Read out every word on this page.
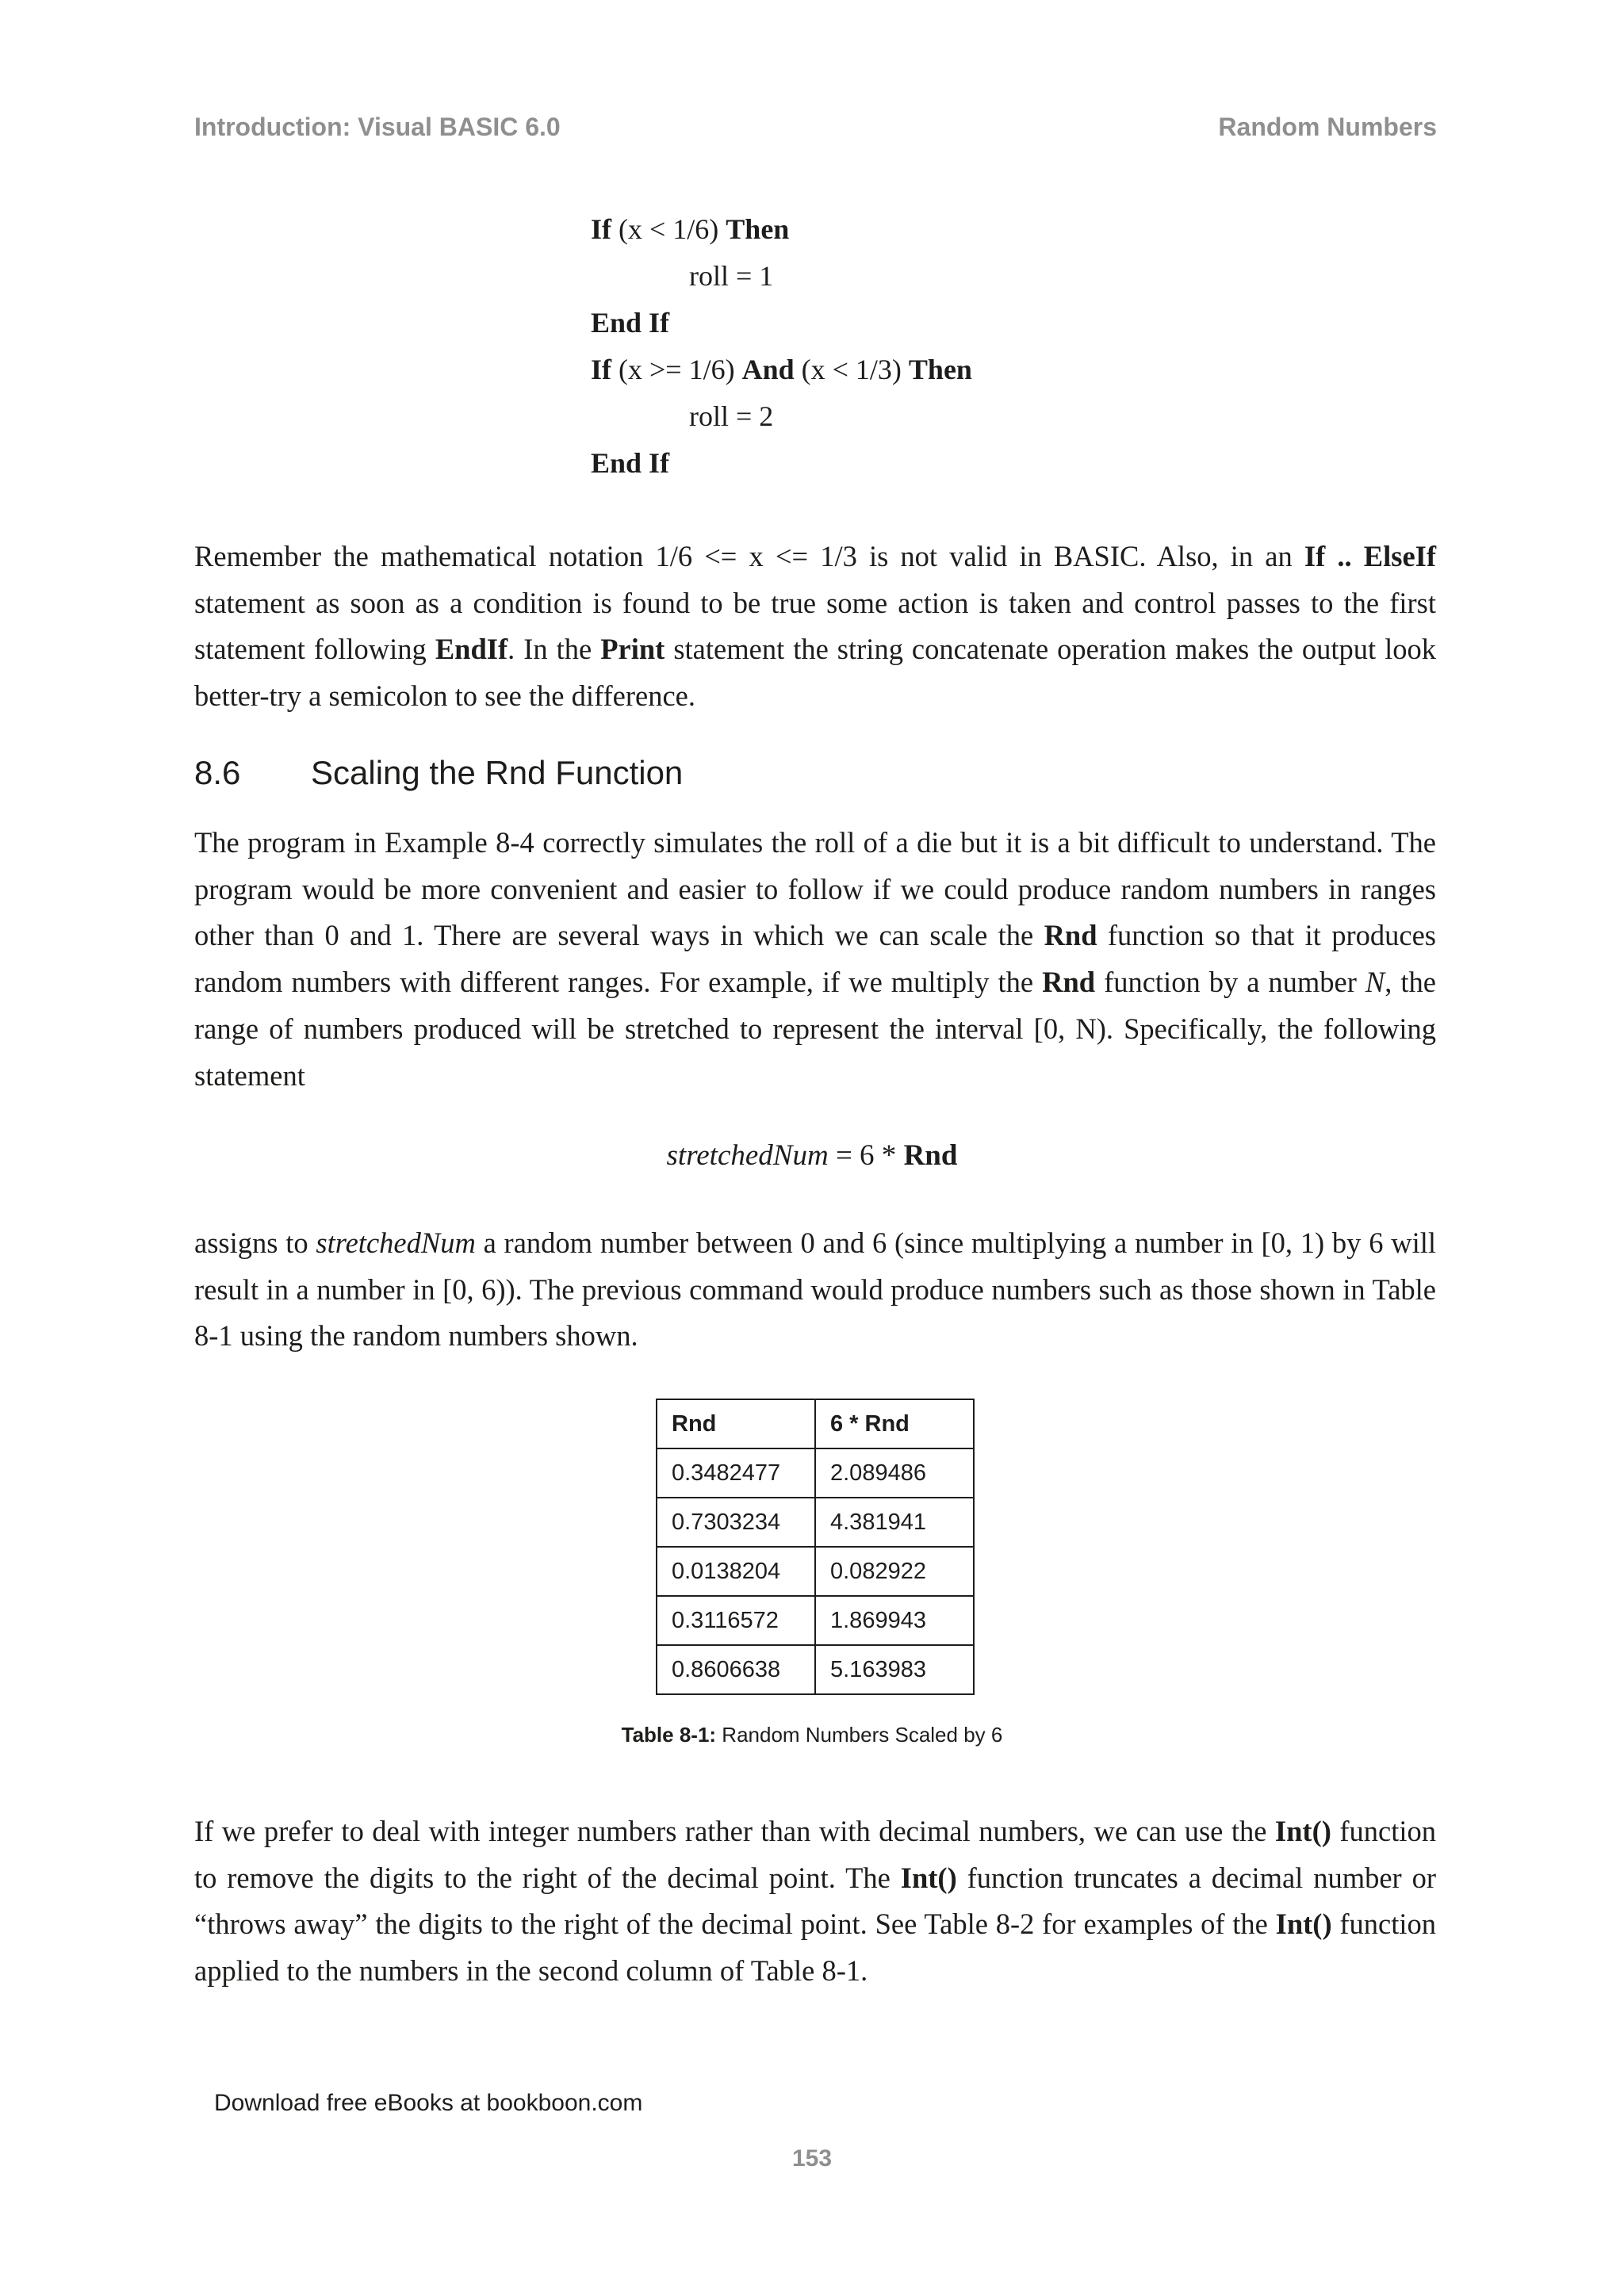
Introduction: Visual BASIC 6.0	Random Numbers
If (x < 1/6) Then
roll = 1
End If
If (x >= 1/6) And (x < 1/3) Then
roll = 2
End If

Remember the mathematical notation 1/6 <= x <= 1/3 is not valid in BASIC. Also, in an If .. ElseIf statement as soon as a condition is found to be true some action is taken and control passes to the first statement following EndIf. In the Print statement the string concatenate operation makes the output look better-try a semicolon to see the difference.

8.6 Scaling the Rnd Function

The program in Example 8-4 correctly simulates the roll of a die but it is a bit difficult to understand. The program would be more convenient and easier to follow if we could produce random numbers in ranges other than 0 and 1. There are several ways in which we can scale the Rnd function so that it produces random numbers with different ranges. For example, if we multiply the Rnd function by a number N, the range of numbers produced will be stretched to represent the interval [0, N). Specifically, the following statement

stretchedNum = 6 * Rnd

assigns to stretchedNum a random number between 0 and 6 (since multiplying a number in [0, 1) by 6 will result in a number in [0, 6)). The previous command would produce numbers such as those shown in Table 8-1 using the random numbers shown.

Rnd	6 * Rnd
0.3482477	2.089486
0.7303234	4.381941
0.0138204	0.082922
0.3116572	1.869943
0.8606638	5.163983
Table 8-1: Random Numbers Scaled by 6

If we prefer to deal with integer numbers rather than with decimal numbers, we can use the Int() function to remove the digits to the right of the decimal point. The Int() function truncates a decimal number or “throws away” the digits to the right of the decimal point. See Table 8-2 for examples of the Int() function applied to the numbers in the second column of Table 8-1.

Download free eBooks at bookboon.com
153
